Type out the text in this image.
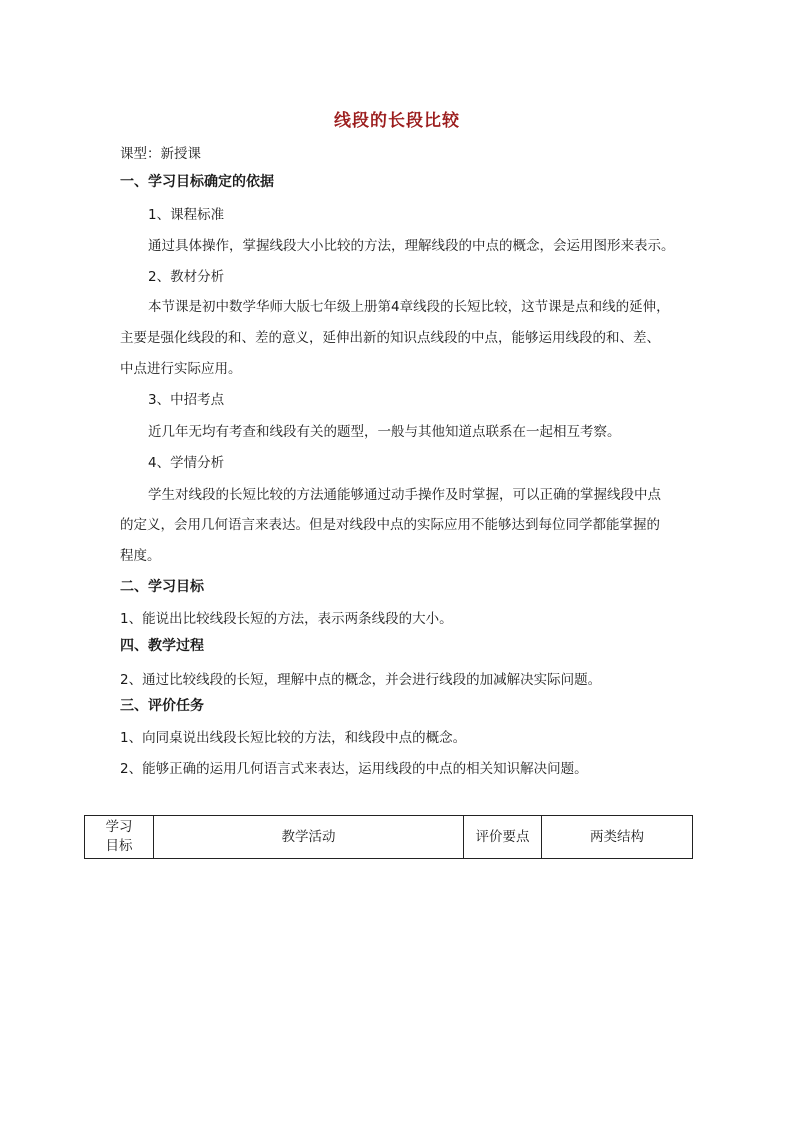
线段的长段比较
课型：新授课
一、学习目标确定的依据
1、课程标准
通过具体操作，掌握线段大小比较的方法，理解线段的中点的概念，会运用图形来表示。
2、教材分析
本节课是初中数学华师大版七年级上册第4章线段的长短比较，这节课是点和线的延伸，
主要是强化线段的和、差的意义，延伸出新的知识点线段的中点，能够运用线段的和、差、
中点进行实际应用。
3、中招考点
近几年无均有考查和线段有关的题型，一般与其他知道点联系在一起相互考察。
4、学情分析
学生对线段的长短比较的方法通能够通过动手操作及时掌握，可以正确的掌握线段中点
的定义，会用几何语言来表达。但是对线段中点的实际应用不能够达到每位同学都能掌握的
程度。
二、学习目标
1、能说出比较线段长短的方法，表示两条线段的大小。
四、教学过程
2、通过比较线段的长短，理解中点的概念，并会进行线段的加减解决实际问题。
三、评价任务
1、向同桌说出线段长短比较的方法，和线段中点的概念。
2、能够正确的运用几何语言式来表达，运用线段的中点的相关知识解决问题。
学习
目标
	教学活动	评价要点	两类结构
